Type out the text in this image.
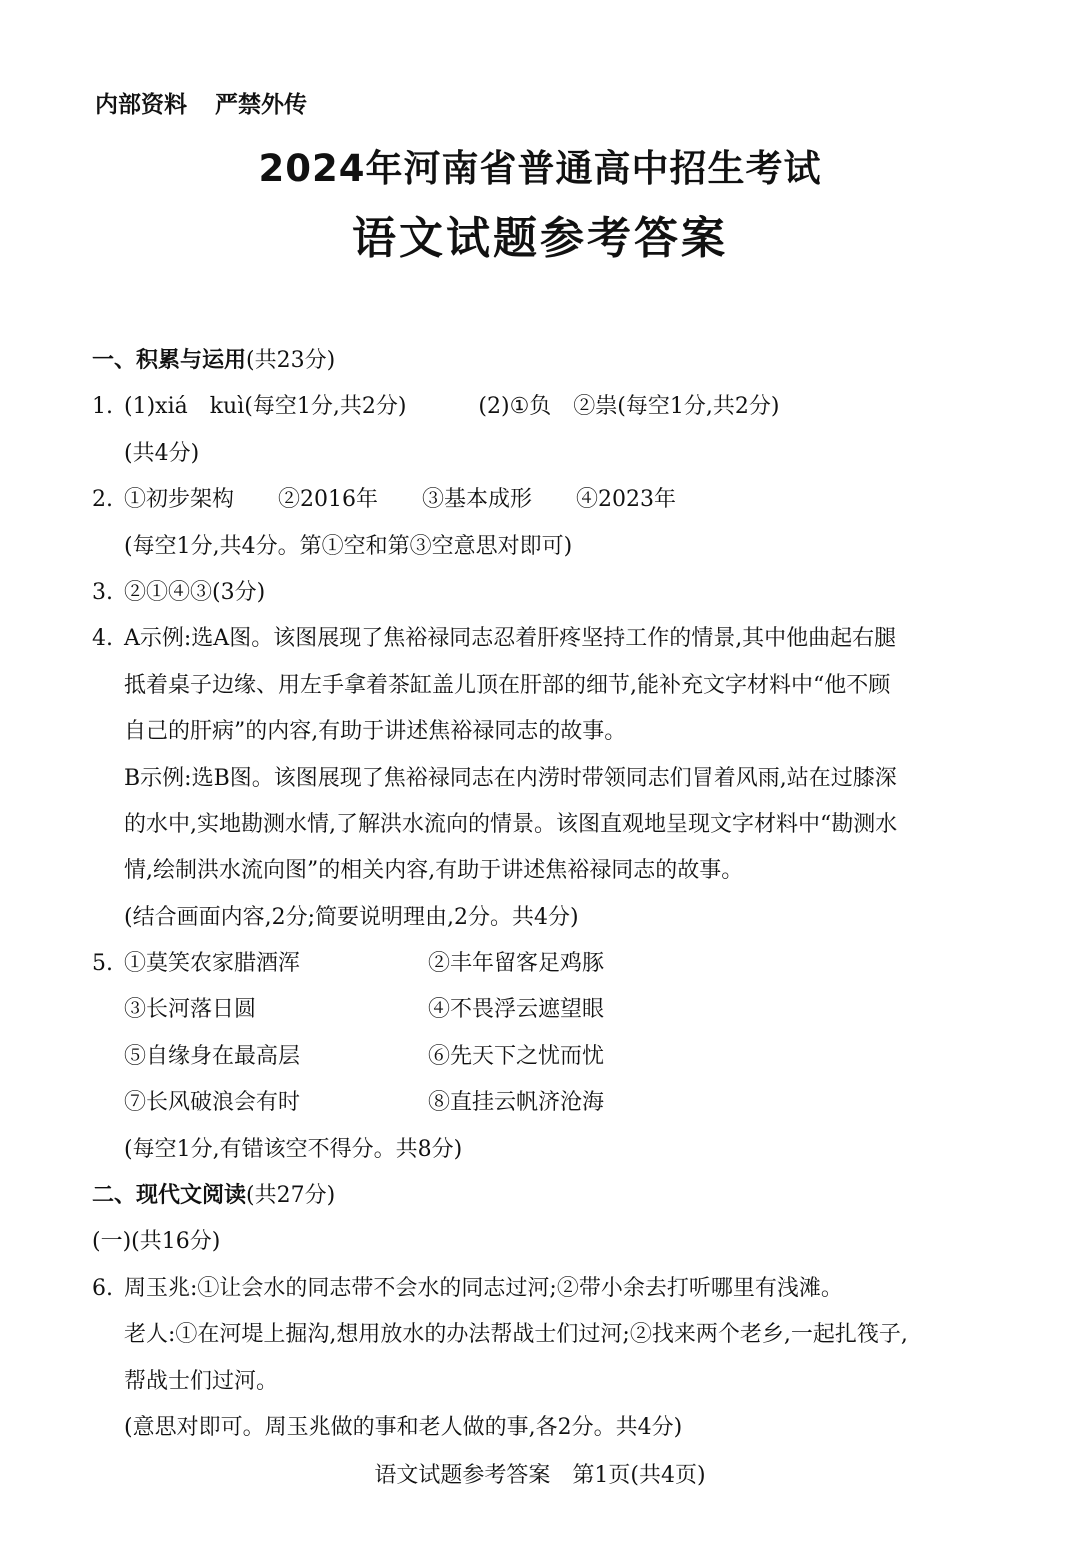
内部资料 严禁外传
2024年河南省普通高中招生考试
语文试题参考答案
一、积累与运用(共23分)
1. (1)xiá　kuì(每空1分,共2分)	(2)①负　②祟(每空1分,共2分)
(共4分)
2. ①初步架构 ②2016年 ③基本成形 ④2023年
(每空1分,共4分。第①空和第③空意思对即可)
3. ②①④③(3分)
4. A示例:选A图。该图展现了焦裕禄同志忍着肝疼坚持工作的情景,其中他曲起右腿
抵着桌子边缘、用左手拿着茶缸盖儿顶在肝部的细节,能补充文字材料中“他不顾
自己的肝病”的内容,有助于讲述焦裕禄同志的故事。
B示例:选B图。该图展现了焦裕禄同志在内涝时带领同志们冒着风雨,站在过膝深
的水中,实地勘测水情,了解洪水流向的情景。该图直观地呈现文字材料中“勘测水
情,绘制洪水流向图”的相关内容,有助于讲述焦裕禄同志的故事。
(结合画面内容,2分;简要说明理由,2分。共4分)
5. ①莫笑农家腊酒浑	②丰年留客足鸡豚
③长河落日圆	④不畏浮云遮望眼
⑤自缘身在最高层	⑥先天下之忧而忧
⑦长风破浪会有时	⑧直挂云帆济沧海
(每空1分,有错该空不得分。共8分)
二、现代文阅读(共27分)
(一)(共16分)
6. 周玉兆:①让会水的同志带不会水的同志过河;②带小余去打听哪里有浅滩。
老人:①在河堤上掘沟,想用放水的办法帮战士们过河;②找来两个老乡,一起扎筏子,
帮战士们过河。
(意思对即可。周玉兆做的事和老人做的事,各2分。共4分)
语文试题参考答案　第1页(共4页)
